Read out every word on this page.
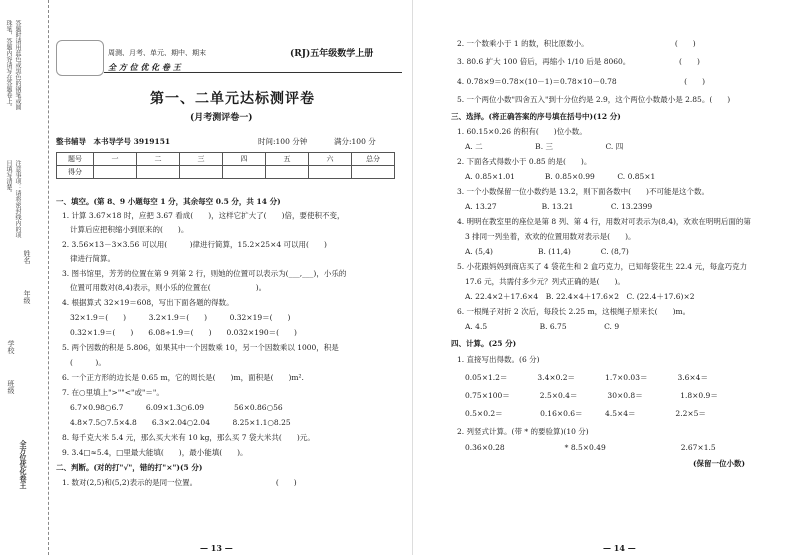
答题时请用蓝色或黑色的钢笔或圆珠笔，答题内容请写在答题卷上。
注意事项：请将密封线内的项目填写清楚。
姓名
年级
学校
班级
全方位优化卷王
周测、月考、单元、期中、期末
全 方 位 优 化 卷 王
(RJ)五年级数学上册
第一、二单元达标测评卷
(月考测评卷一)
整书辅导　本书导学号 3919151	时间:100 分钟	满分:100 分
题号	一	二	三	四	五	六	总分
得分							
一、填空。(第 8、9 小题每空 1 分，其余每空 0.5 分，共 14 分)
1. 计算 3.67×18 时，应把 3.67 看成(　　)，这样它扩大了(　　)倍，要使积不变，
计算后应把积缩小到原来的(　　)。
2. 3.56×13－3×3.56 可以用(　　　)律进行简算，15.2×25×4 可以用(　　)
律进行简算。
3. 图书馆里，芳芳的位置在第 9 列第 2 行，则她的位置可以表示为(___,___)，小乐的
位置可用数对(8,4)表示，则小乐的位置在(　　　　　　)。
4. 根据算式 32×19＝608，写出下面各题的得数。
32×1.9＝(　　)　　　3.2×1.9＝(　　)　　　0.32×19＝(　　)
0.32×1.9＝(　　)　　6.08÷1.9＝(　　)　　0.032×190＝(　　)
5. 两个因数的积是 5.806，如果其中一个因数乘 10，另一个因数乘以 1000，积是
(　　　)。
6. 一个正方形的边长是 0.65 m，它的周长是(　　)m，面积是(　　)m².
7. 在○里填上">""<"或"＝"。
6.7×0.98○6.7　　　6.09×1.3○6.09　　　　56×0.86○56
4.8×7.5○7.5×4.8　　6.3×2.04○2.04　　　8.25×1.1○8.25
8. 每千克大米 5.4 元，那么买大米有 10 kg，那么买 7 袋大米共(　　)元。
9. 3.4□≈5.4，□里最大能填(　　)，最小能填(　　)。
二、判断。(对的打"√"，错的打"×")(5 分)
1. 数对(2,5)和(5,2)表示的是同一位置。　　　　　　　　　　　(　　)
— 13 —
2. 一个数乘小于 1 的数，积比原数小。　　　　　　　　　　　　(　　)
3. 80.6 扩大 100 倍后，再缩小 1/10 后是 8060。　　　　　　　(　　)
4. 0.78×9＝0.78×(10－1)＝0.78×10－0.78　　　　　　　　　(　　)
5. 一个两位小数"四舍五入"到十分位约是 2.9，这个两位小数最小是 2.85。(　　)
三、选择。(将正确答案的序号填在括号中)(12 分)
1. 60.15×0.26 的积有(　　)位小数。
A. 二　　　　　　　B. 三　　　　　　　C. 四
2. 下面各式得数小于 0.85 的是(　　)。
A. 0.85×1.01　　　　B. 0.85×0.99　　　C. 0.85×1
3. 一个小数保留一位小数约是 13.2，则下面各数中(　　)不可能是这个数。
A. 13.27　　　　　　B. 13.21　　　　　C. 13.2399
4. 明明在教室里的座位是第 8 列、第 4 行，用数对可表示为(8,4)，欢欢在明明后面的第
3 排同一列坐着，欢欢的位置用数对表示是(　　)。
A. (5,4)　　　　　　B. (11,4)　　　　C. (8,7)
5. 小花跟妈妈到商店买了 4 袋花生和 2 盒巧克力，已知每袋花生 22.4 元，每盒巧克力
17.6 元，共需付多少元？列式正确的是(　　)。
A. 22.4×2＋17.6×4　B. 22.4×4＋17.6×2　C. (22.4＋17.6)×2
6. 一根绳子对折 2 次后，每段长 2.25 m，这根绳子原来长(　　)m。
A. 4.5　　　　　　　B. 6.75　　　　　C. 9
四、计算。(25 分)
1. 直接写出得数。(6 分)
0.05×1.2＝　　　　3.4×0.2＝　　　　1.7×0.03＝　　　　3.6×4＝
0.75×100＝　　　　2.5×0.4＝　　　　30×0.8＝　　　　　1.8×0.9＝
0.5×0.2＝　　　　　0.16×0.6＝　　　4.5×4＝　　　　　 2.2×5＝
2. 列竖式计算。(带 * 的要验算)(10 分)
0.36×0.28　　　　　　　　* 8.5×0.49　　　　　　　　　　2.67×1.5
(保留一位小数)
— 14 —
